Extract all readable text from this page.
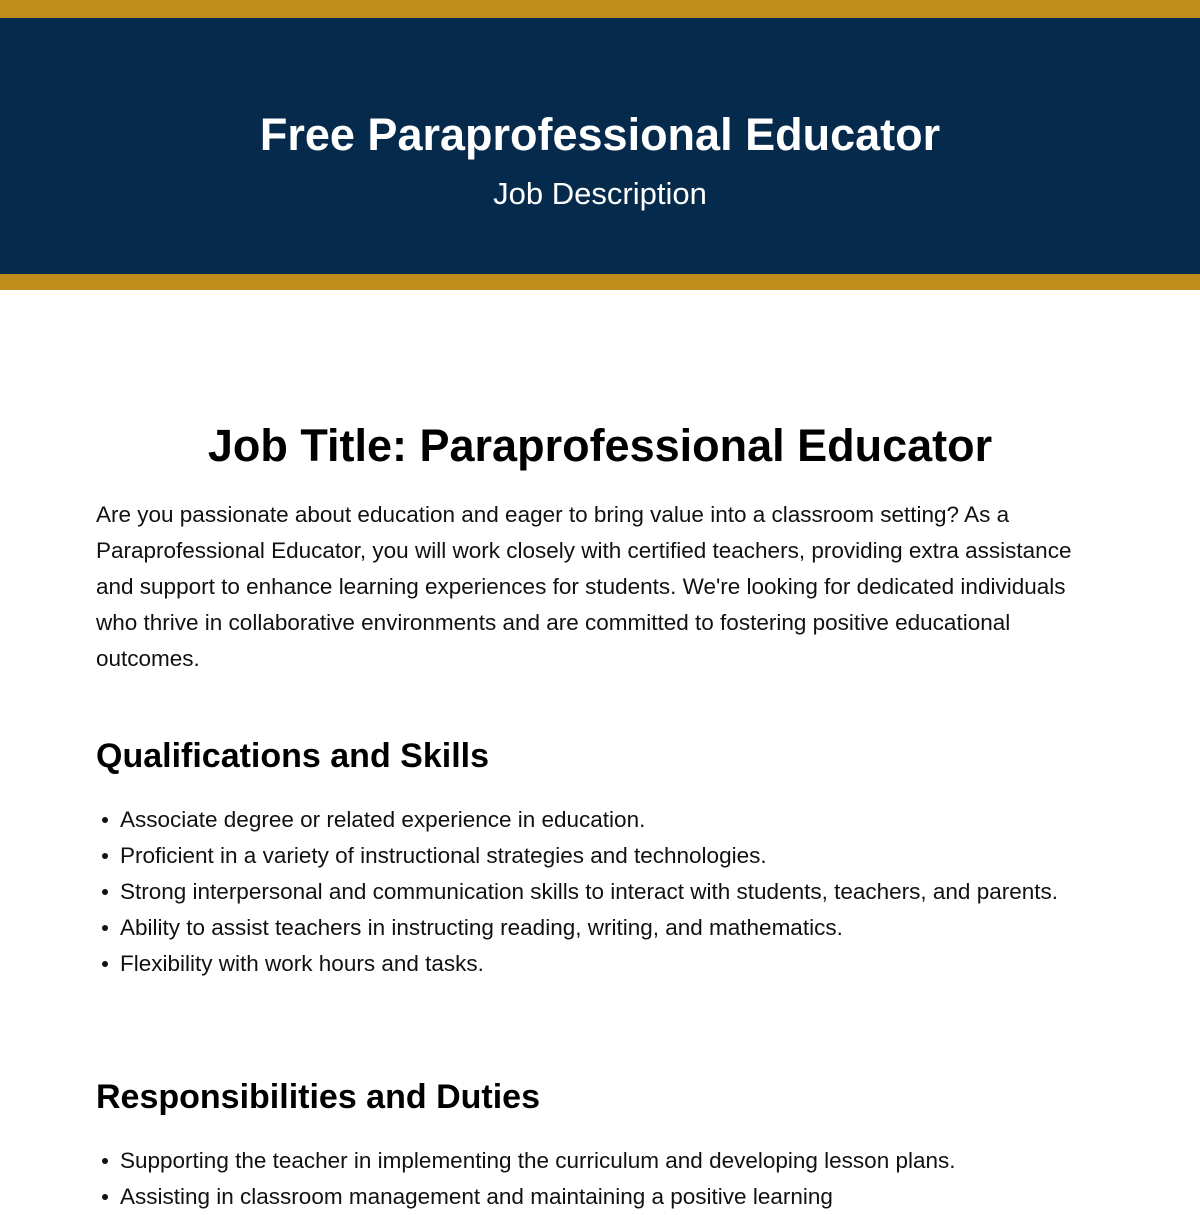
Free Paraprofessional Educator
Job Description
Job Title: Paraprofessional Educator

Are you passionate about education and eager to bring value into a classroom setting? As a Paraprofessional Educator, you will work closely with certified teachers, providing extra assistance and support to enhance learning experiences for students. We're looking for dedicated individuals who thrive in collaborative environments and are committed to fostering positive educational outcomes.

Qualifications and Skills
Associate degree or related experience in education.
Proficient in a variety of instructional strategies and technologies.
Strong interpersonal and communication skills to interact with students, teachers, and parents.
Ability to assist teachers in instructing reading, writing, and mathematics.
Flexibility with work hours and tasks.
Responsibilities and Duties
Supporting the teacher in implementing the curriculum and developing lesson plans.
Assisting in classroom management and maintaining a positive learning
